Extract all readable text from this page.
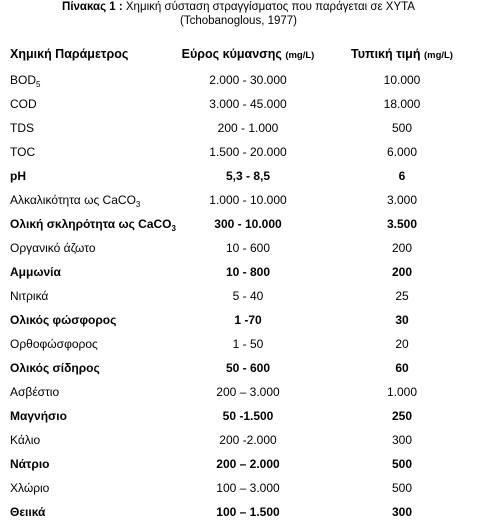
Πίνακας 1 : Χημική σύσταση στραγγίσματος που παράγεται σε ΧΥΤΑ
(Tchobanoglous, 1977)
Χημική Παράμετρος	Εύρος κύμανσης (mg/L)	Τυπική τιμή (mg/L)
$BOD_5$	2.000 - 30.000	10.000
COD	3.000 - 45.000	18.000
TDS	200 - 1.000	500
TOC	1.500 - 20.000	6.000
pH	5,3 - 8,5	6
Αλκαλικότητα ως CaCO$_3$	1.000 - 10.000	3.000
Ολική σκληρότητα ως CaCO$_3$	300 - 10.000	3.500
Οργανικό άζωτο	10 - 600	200
Αμμωνία	10 - 800	200
Νιτρικά	5 - 40	25
Ολικός φώσφορος	1 -70	30
Ορθοφώσφορος	1 - 50	20
Ολικός σίδηρος	50 - 600	60
Ασβέστιο	200 – 3.000	1.000
Μαγνήσιο	50 -1.500	250
Κάλιο	200 -2.000	300
Νάτριο	200 – 2.000	500
Χλώριο	100 – 3.000	500
Θειικά	100 – 1.500	300
